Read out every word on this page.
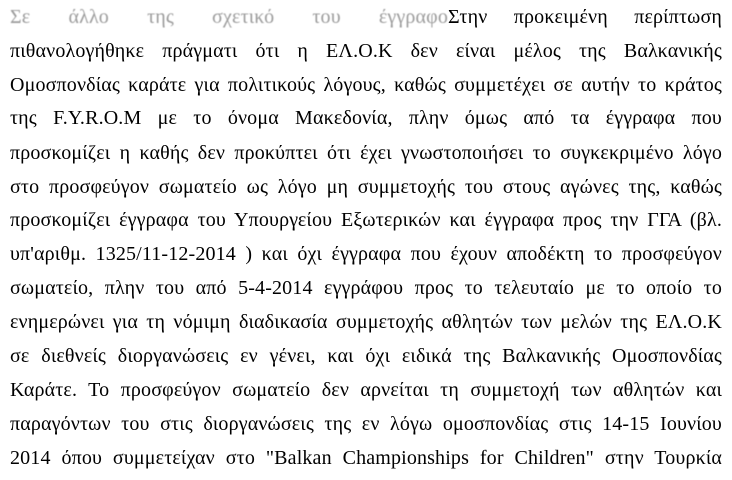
Σε άλλο της σχετικό του έγγραφοΣτην προκειμένη περίπτωση
πιθανολογήθηκε πράγματι ότι η ΕΛ.Ο.Κ δεν είναι μέλος της Βαλκανικής
Ομοσπονδίας καράτε για πολιτικούς λόγους, καθώς συμμετέχει σε αυτήν το κράτος
της F.Y.R.O.M με το όνομα Μακεδονία, πλην όμως από τα έγγραφα που
προσκομίζει η καθής δεν προκύπτει ότι έχει γνωστοποιήσει το συγκεκριμένο λόγο
στο προσφεύγον σωματείο ως λόγο μη συμμετοχής του στους αγώνες της, καθώς
προσκομίζει έγγραφα του Υπουργείου Εξωτερικών και έγγραφα προς την ΓΓΑ (βλ.
υπ'αριθμ. 1325/11-12-2014 ) και όχι έγγραφα που έχουν αποδέκτη το προσφεύγον
σωματείο, πλην του από 5-4-2014 εγγράφου προς το τελευταίο με το οποίο το
ενημερώνει για τη νόμιμη διαδικασία συμμετοχής αθλητών των μελών της ΕΛ.Ο.Κ
σε διεθνείς διοργανώσεις εν γένει, και όχι ειδικά της Βαλκανικής Ομοσπονδίας
Καράτε. Το προσφεύγον σωματείο δεν αρνείται τη συμμετοχή των αθλητών και
παραγόντων του στις διοργανώσεις της εν λόγω ομοσπονδίας στις 14-15 Ιουνίου
2014 όπου συμμετείχαν στο "Balkan Championships for Children" στην Τουρκία
